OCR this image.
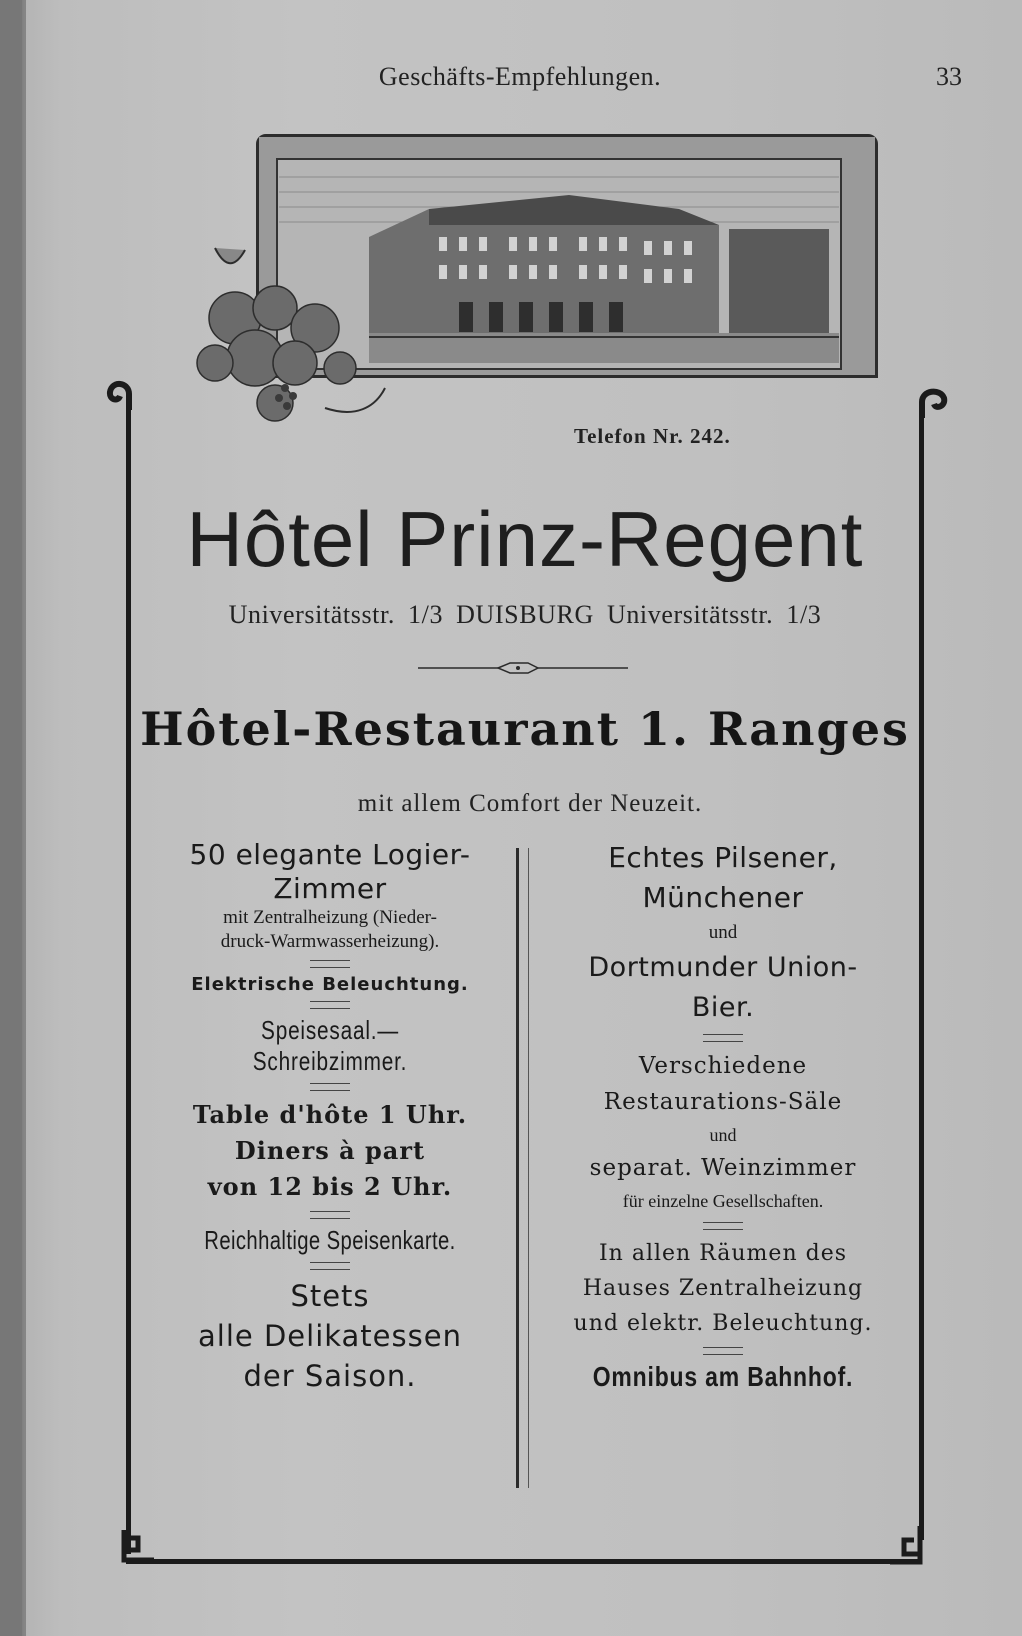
Geschäfts-Empfehlungen.	33
Telefon Nr. 242.
Hôtel Prinz-Regent
Universitätsstr. 1/3 DUISBURG Universitätsstr. 1/3
Hôtel-Restaurant 1. Ranges
mit allem Comfort der Neuzeit.
50 elegante Logier-
Zimmer
mit Zentralheizung (Nieder-
druck-Warmwasserheizung).
Elektrische Beleuchtung.
Speisesaal.—Schreibzimmer.
Table d'hôte 1 Uhr.
Diners à part
von 12 bis 2 Uhr.
Reichhaltige Speisenkarte.
Stets
alle Delikatessen
der Saison.
Echtes Pilsener,
Münchener
und
Dortmunder Union-
Bier.
Verschiedene
Restaurations-Säle
und
separat. Weinzimmer
für einzelne Gesellschaften.
In allen Räumen des
Hauses Zentralheizung
und elektr. Beleuchtung.
Omnibus am Bahnhof.
